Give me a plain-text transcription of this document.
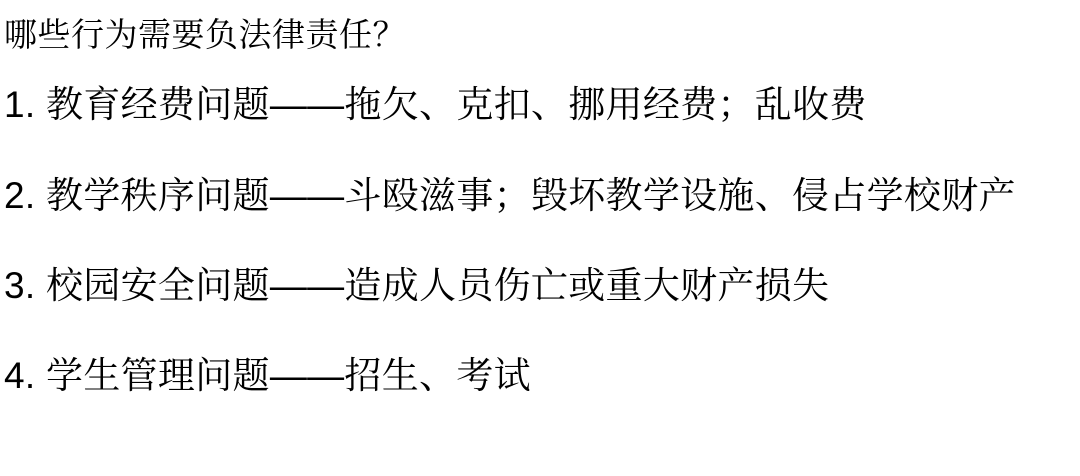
哪些行为需要负法律责任？

1. 教育经费问题——拖欠、克扣、挪用经费；乱收费

2. 教学秩序问题——斗殴滋事；毁坏教学设施、侵占学校财产

3. 校园安全问题——造成人员伤亡或重大财产损失

4. 学生管理问题——招生、考试
